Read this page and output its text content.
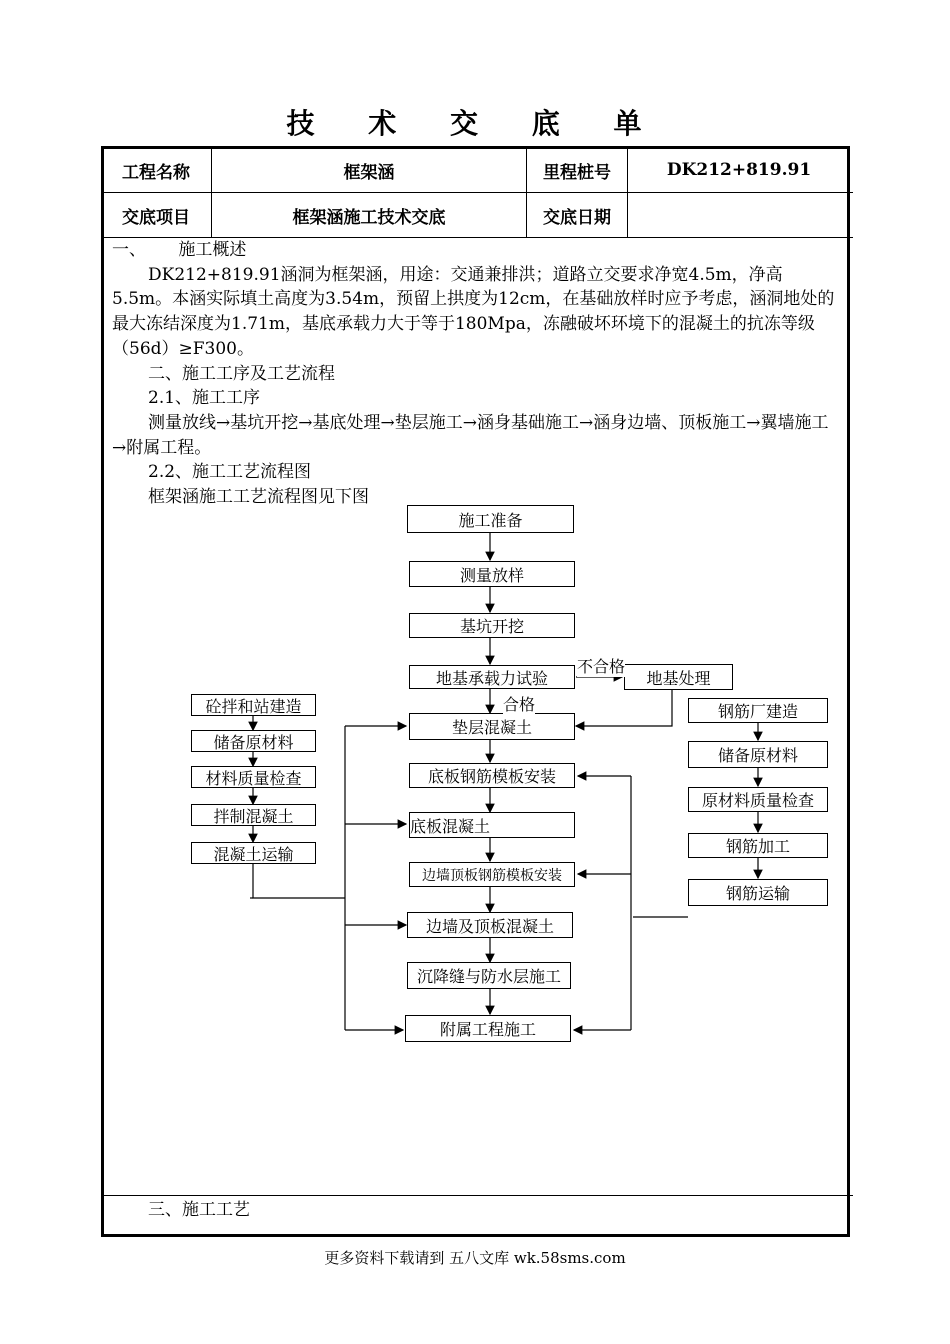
技 术 交 底 单
工程名称	框架涵	里程桩号	DK212+819.91
交底项目	框架涵施工技术交底	交底日期

一、      施工概述

DK212+819.91涵洞为框架涵，用途：交通兼排洪；道路立交要求净宽4.5m，净高5.5m。本涵实际填土高度为3.54m，预留上拱度为12cm，在基础放样时应予考虑，涵洞地处的最大冻结深度为1.71m，基底承载力大于等于180Mpa，冻融破坏环境下的混凝土的抗冻等级（56d）≥F300。

二、施工工序及工艺流程

2.1、施工工序

测量放线→基坑开挖→基底处理→垫层施工→涵身基础施工→涵身边墙、顶板施工→翼墙施工→附属工程。

2.2、施工工艺流程图

框架涵施工工艺流程图见下图

施工准备
测量放样
基坑开挖
地基承载力试验
垫层混凝土
底板钢筋模板安装
底板混凝土
边墙顶板钢筋模板安装
边墙及顶板混凝土
沉降缝与防水层施工
附属工程施工
地基处理
不合格
合格
砼拌和站建造
储备原材料
材料质量检查
拌制混凝土
混凝土运输
钢筋厂建造
储备原材料
原材料质量检查
钢筋加工
钢筋运输

三、施工工艺

更多资料下载请到 五八文库 wk.58sms.com
